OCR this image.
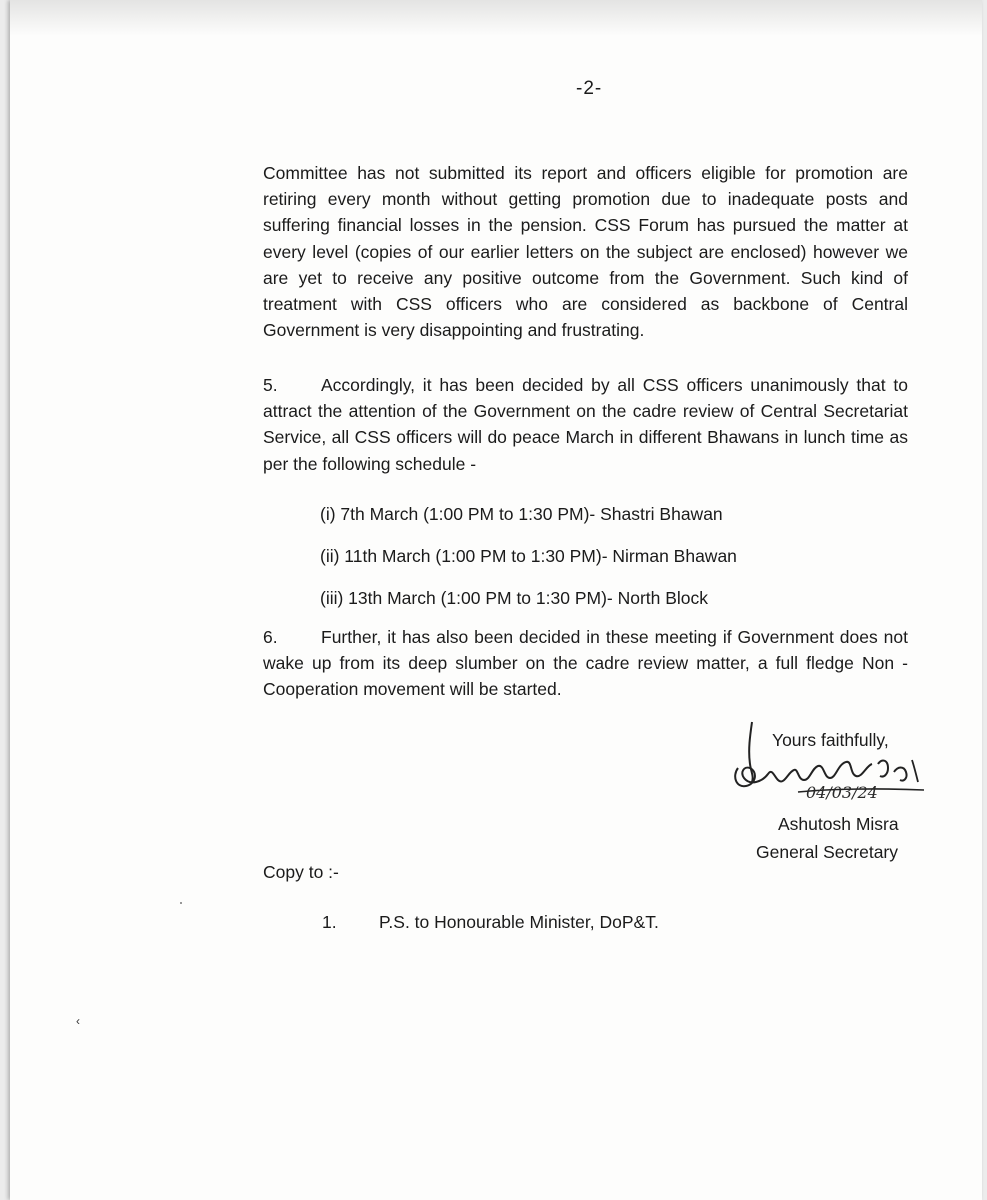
-2-

Committee has not submitted its report and officers eligible for promotion are retiring every month without getting promotion due to inadequate posts and suffering financial losses in the pension. CSS Forum has pursued the matter at every level (copies of our earlier letters on the subject are enclosed) however we are yet to receive any positive outcome from the Government. Such kind of treatment with CSS officers who are considered as backbone of Central Government is very disappointing and frustrating.

5. Accordingly, it has been decided by all CSS officers unanimously that to attract the attention of the Government on the cadre review of Central Secretariat Service, all CSS officers will do peace March in different Bhawans in lunch time as per the following schedule -

(i) 7th March (1:00 PM to 1:30 PM)- Shastri Bhawan
(ii) 11th March (1:00 PM to 1:30 PM)- Nirman Bhawan
(iii) 13th March (1:00 PM to 1:30 PM)- North Block

6. Further, it has also been decided in these meeting if Government does not wake up from its deep slumber on the cadre review matter, a full fledge Non - Cooperation movement will be started.

Yours faithfully,
04/03/24
Ashutosh Misra
General Secretary
Copy to :-
1. P.S. to Honourable Minister, DoP&T.
‹
